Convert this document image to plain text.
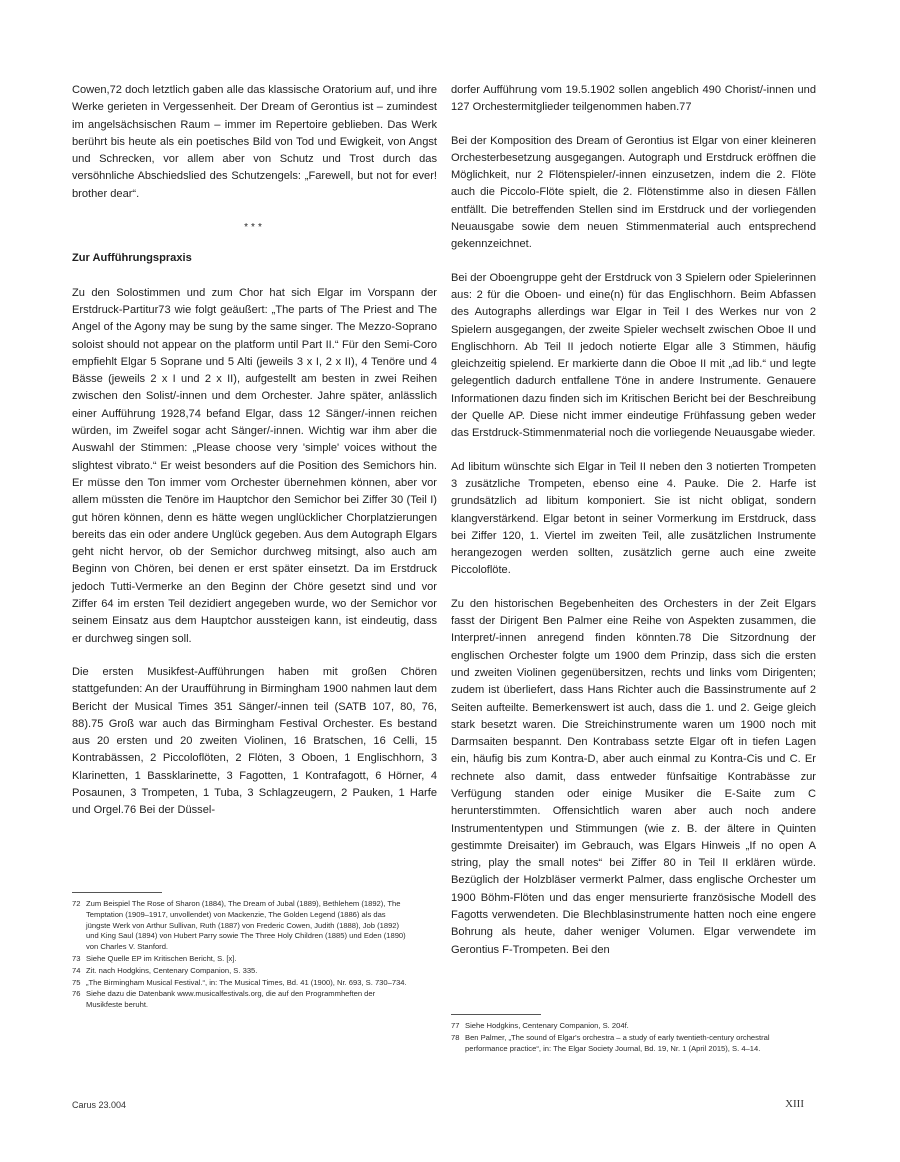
Cowen,72 doch letztlich gaben alle das klassische Oratorium auf, und ihre Werke gerieten in Vergessenheit. Der Dream of Gerontius ist – zumindest im angelsächsischen Raum – immer im Repertoire geblieben. Das Werk berührt bis heute als ein poetisches Bild von Tod und Ewigkeit, von Angst und Schrecken, vor allem aber von Schutz und Trost durch das versöhnliche Abschiedslied des Schutzengels: „Farewell, but not for ever! brother dear“.

***
Zur Aufführungspraxis

Zu den Solostimmen und zum Chor hat sich Elgar im Vorspann der Erstdruck-Partitur73 wie folgt geäußert: „The parts of The Priest and The Angel of the Agony may be sung by the same singer. The Mezzo-Soprano soloist should not appear on the platform until Part II.“ Für den Semi-Coro empfiehlt Elgar 5 Soprane und 5 Alti (jeweils 3 x I, 2 x II), 4 Tenöre und 4 Bässe (jeweils 2 x I und 2 x II), aufgestellt am besten in zwei Reihen zwischen den Solist/-innen und dem Orchester. Jahre später, anlässlich einer Aufführung 1928,74 befand Elgar, dass 12 Sänger/-innen reichen würden, im Zweifel sogar acht Sänger/-innen. Wichtig war ihm aber die Auswahl der Stimmen: „Please choose very 'simple' voices without the slightest vibrato.“ Er weist besonders auf die Position des Semichors hin. Er müsse den Ton immer vom Orchester übernehmen können, aber vor allem müssten die Tenöre im Hauptchor den Semichor bei Ziffer 30 (Teil I) gut hören können, denn es hätte wegen unglücklicher Chorplatzierungen bereits das ein oder andere Unglück gegeben. Aus dem Autograph Elgars geht nicht hervor, ob der Semichor durchweg mitsingt, also auch am Beginn von Chören, bei denen er erst später einsetzt. Da im Erstdruck jedoch Tutti-Vermerke an den Beginn der Chöre gesetzt sind und vor Ziffer 64 im ersten Teil dezidiert angegeben wurde, wo der Semichor vor seinem Einsatz aus dem Hauptchor aussteigen kann, ist eindeutig, dass er durchweg singen soll.

Die ersten Musikfest-Aufführungen haben mit großen Chören stattgefunden: An der Uraufführung in Birmingham 1900 nahmen laut dem Bericht der Musical Times 351 Sänger/-innen teil (SATB 107, 80, 76, 88).75 Groß war auch das Birmingham Festival Orchester. Es bestand aus 20 ersten und 20 zweiten Violinen, 16 Bratschen, 16 Celli, 15 Kontrabässen, 2 Piccoloflöten, 2 Flöten, 3 Oboen, 1 Englischhorn, 3 Klarinetten, 1 Bassklarinette, 3 Fagotten, 1 Kontrafagott, 6 Hörner, 4 Posaunen, 3 Trompeten, 1 Tuba, 3 Schlagzeugern, 2 Pauken, 1 Harfe und Orgel.76 Bei der Düssel-

dorfer Aufführung vom 19.5.1902 sollen angeblich 490 Chorist/-innen und 127 Orchestermitglieder teilgenommen haben.77

Bei der Komposition des Dream of Gerontius ist Elgar von einer kleineren Orchesterbesetzung ausgegangen. Autograph und Erstdruck eröffnen die Möglichkeit, nur 2 Flötenspieler/-innen einzusetzen, indem die 2. Flöte auch die Piccolo-Flöte spielt, die 2. Flötenstimme also in diesen Fällen entfällt. Die betreffenden Stellen sind im Erstdruck und der vorliegenden Neuausgabe sowie dem neuen Stimmenmaterial auch entsprechend gekennzeichnet.

Bei der Oboengruppe geht der Erstdruck von 3 Spielern oder Spielerinnen aus: 2 für die Oboen- und eine(n) für das Englischhorn. Beim Abfassen des Autographs allerdings war Elgar in Teil I des Werkes nur von 2 Spielern ausgegangen, der zweite Spieler wechselt zwischen Oboe II und Englischhorn. Ab Teil II jedoch notierte Elgar alle 3 Stimmen, häufig gleichzeitig spielend. Er markierte dann die Oboe II mit „ad lib.“ und legte gelegentlich dadurch entfallene Töne in andere Instrumente. Genauere Informationen dazu finden sich im Kritischen Bericht bei der Beschreibung der Quelle AP. Diese nicht immer eindeutige Frühfassung geben weder das Erstdruck-Stimmenmaterial noch die vorliegende Neuausgabe wieder.

Ad libitum wünschte sich Elgar in Teil II neben den 3 notierten Trompeten 3 zusätzliche Trompeten, ebenso eine 4. Pauke. Die 2. Harfe ist grundsätzlich ad libitum komponiert. Sie ist nicht obligat, sondern klangverstärkend. Elgar betont in seiner Vormerkung im Erstdruck, dass bei Ziffer 120, 1. Viertel im zweiten Teil, alle zusätzlichen Instrumente herangezogen werden sollten, zusätzlich gerne auch eine zweite Piccoloflöte.

Zu den historischen Begebenheiten des Orchesters in der Zeit Elgars fasst der Dirigent Ben Palmer eine Reihe von Aspekten zusammen, die Interpret/-innen anregend finden könnten.78 Die Sitzordnung der englischen Orchester folgte um 1900 dem Prinzip, dass sich die ersten und zweiten Violinen gegenübersitzen, rechts und links vom Dirigenten; zudem ist überliefert, dass Hans Richter auch die Bassinstrumente auf 2 Seiten aufteilte. Bemerkenswert ist auch, dass die 1. und 2. Geige gleich stark besetzt waren. Die Streichinstrumente waren um 1900 noch mit Darmsaiten bespannt. Den Kontrabass setzte Elgar oft in tiefen Lagen ein, häufig bis zum Kontra-D, aber auch einmal zu Kontra-Cis und C. Er rechnete also damit, dass entweder fünfsaitige Kontrabässe zur Verfügung standen oder einige Musiker die E-Saite zum C herunterstimmten. Offensichtlich waren aber auch noch andere Instrumententypen und Stimmungen (wie z. B. der ältere in Quinten gestimmte Dreisaiter) im Gebrauch, was Elgars Hinweis „If no open A string, play the small notes“ bei Ziffer 80 in Teil II erklären würde. Bezüglich der Holzbläser vermerkt Palmer, dass englische Orchester um 1900 Böhm-Flöten und das enger mensurierte französische Modell des Fagotts verwendeten. Die Blechblasinstrumente hatten noch eine engere Bohrung als heute, daher weniger Volumen. Elgar verwendete im Gerontius F-Trompeten. Bei den

72 Zum Beispiel The Rose of Sharon (1884), The Dream of Jubal (1889), Bethlehem (1892), The Temptation (1909–1917, unvollendet) von Mackenzie, The Golden Legend (1886) als das jüngste Werk von Arthur Sullivan, Ruth (1887) von Frederic Cowen, Judith (1888), Job (1892) und King Saul (1894) von Hubert Parry sowie The Three Holy Children (1885) und Eden (1890) von Charles V. Stanford.
73 Siehe Quelle EP im Kritischen Bericht, S. [x].
74 Zit. nach Hodgkins, Centenary Companion, S. 335.
75 „The Birmingham Musical Festival.“, in: The Musical Times, Bd. 41 (1900), Nr. 693, S. 730–734.
76 Siehe dazu die Datenbank www.musicalfestivals.org, die auf den Programmheften der Musikfeste beruht.
77 Siehe Hodgkins, Centenary Companion, S. 204f.
78 Ben Palmer, „The sound of Elgar's orchestra – a study of early twentieth-century orchestral performance practice“, in: The Elgar Society Journal, Bd. 19, Nr. 1 (April 2015), S. 4–14.
Carus 23.004	XIII
